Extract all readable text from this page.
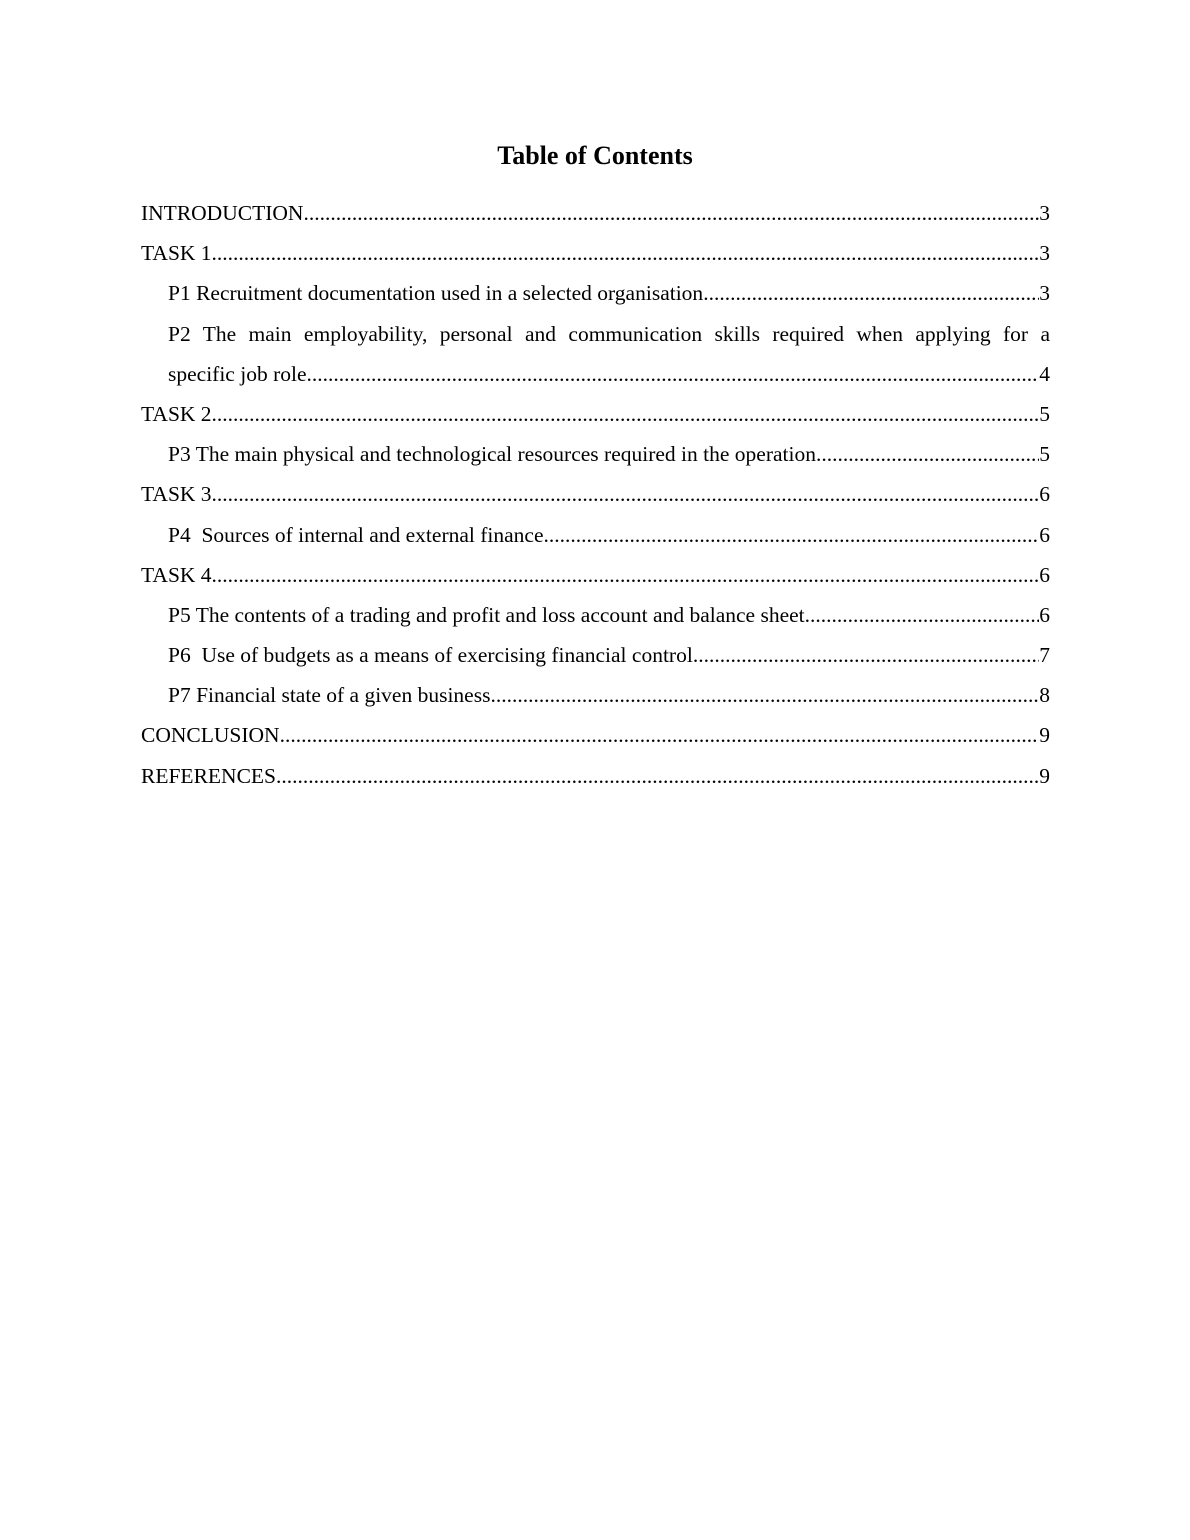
Table of Contents
INTRODUCTION .....	3
TASK 1 .....	3
P1 Recruitment documentation used in a selected organisation .....	3
P2 The main employability, personal and communication skills required when applying for a
specific job role .....	4
TASK 2 .....	5
P3 The main physical and technological resources required in the operation .....	5
TASK 3 .....	6
P4  Sources of internal and external finance .....	6
TASK 4 .....	6
P5 The contents of a trading and profit and loss account and balance sheet .....	6
P6  Use of budgets as a means of exercising financial control .....	7
P7 Financial state of a given business .....	8
CONCLUSION .....	9
REFERENCES .....	9
